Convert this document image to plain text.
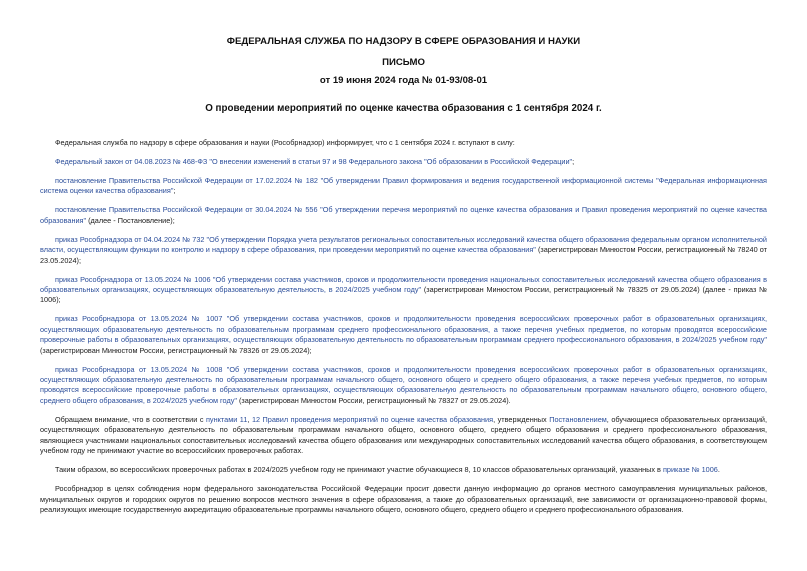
ФЕДЕРАЛЬНАЯ СЛУЖБА ПО НАДЗОРУ В СФЕРЕ ОБРАЗОВАНИЯ И НАУКИ
ПИСЬМО
от 19 июня 2024 года № 01-93/08-01
О проведении мероприятий по оценке качества образования с 1 сентября 2024 г.

Федеральная служба по надзору в сфере образования и науки (Рособрнадзор) информирует, что с 1 сентября 2024 г. вступают в силу:

Федеральный закон от 04.08.2023 № 468-ФЗ "О внесении изменений в статьи 97 и 98 Федерального закона "Об образовании в Российской Федерации";

постановление Правительства Российской Федерации от 17.02.2024 № 182 "Об утверждении Правил формирования и ведения государственной информационной системы "Федеральная информационная система оценки качества образования";

постановление Правительства Российской Федерации от 30.04.2024 № 556 "Об утверждении перечня мероприятий по оценке качества образования и Правил проведения мероприятий по оценке качества образования" (далее - Постановление);

приказ Рособрнадзора от 04.04.2024 № 732 "Об утверждении Порядка учета результатов региональных сопоставительных исследований качества общего образования федеральным органом исполнительной власти, осуществляющим функции по контролю и надзору в сфере образования, при проведении мероприятий по оценке качества образования" (зарегистрирован Минюстом России, регистрационный № 78240 от 23.05.2024);

приказ Рособрнадзора от 13.05.2024 № 1006 "Об утверждении состава участников, сроков и продолжительности проведения национальных сопоставительных исследований качества общего образования в образовательных организациях, осуществляющих образовательную деятельность, в 2024/2025 учебном году" (зарегистрирован Минюстом России, регистрационный № 78325 от 29.05.2024) (далее - приказ № 1006);

приказ Рособрнадзора от 13.05.2024 № 1007 "Об утверждении состава участников, сроков и продолжительности проведения всероссийских проверочных работ в образовательных организациях, осуществляющих образовательную деятельность по образовательным программам среднего профессионального образования, а также перечня учебных предметов, по которым проводятся всероссийские проверочные работы в образовательных организациях, осуществляющих образовательную деятельность по образовательным программам среднего профессионального образования, в 2024/2025 учебном году" (зарегистрирован Минюстом России, регистрационный № 78326 от 29.05.2024);

приказ Рособрнадзора от 13.05.2024 № 1008 "Об утверждении состава участников, сроков и продолжительности проведения всероссийских проверочных работ в образовательных организациях, осуществляющих образовательную деятельность по образовательным программам начального общего, основного общего и среднего общего образования, а также перечня учебных предметов, по которым проводятся всероссийские проверочные работы в образовательных организациях, осуществляющих образовательную деятельность по образовательным программам начального общего, основного общего, среднего общего образования, в 2024/2025 учебном году" (зарегистрирован Минюстом России, регистрационный № 78327 от 29.05.2024).

Обращаем внимание, что в соответствии с пунктами 11, 12 Правил проведения мероприятий по оценке качества образования, утвержденных Постановлением, обучающиеся образовательных организаций, осуществляющих образовательную деятельность по образовательным программам начального общего, основного общего, среднего общего образования и среднего профессионального образования, являющиеся участниками национальных сопоставительных исследований качества общего образования или международных сопоставительных исследований качества общего образования, в соответствующем учебном году не принимают участие во всероссийских проверочных работах.

Таким образом, во всероссийских проверочных работах в 2024/2025 учебном году не принимают участие обучающиеся 8, 10 классов образовательных организаций, указанных в приказе № 1006.

Рособрнадзор в целях соблюдения норм федерального законодательства Российской Федерации просит довести данную информацию до органов местного самоуправления муниципальных районов, муниципальных округов и городских округов по решению вопросов местного значения в сфере образования, а также до образовательных организаций, вне зависимости от организационно-правовой формы, реализующих имеющие государственную аккредитацию образовательные программы начального общего, основного общего, среднего общего и среднего профессионального образования.
